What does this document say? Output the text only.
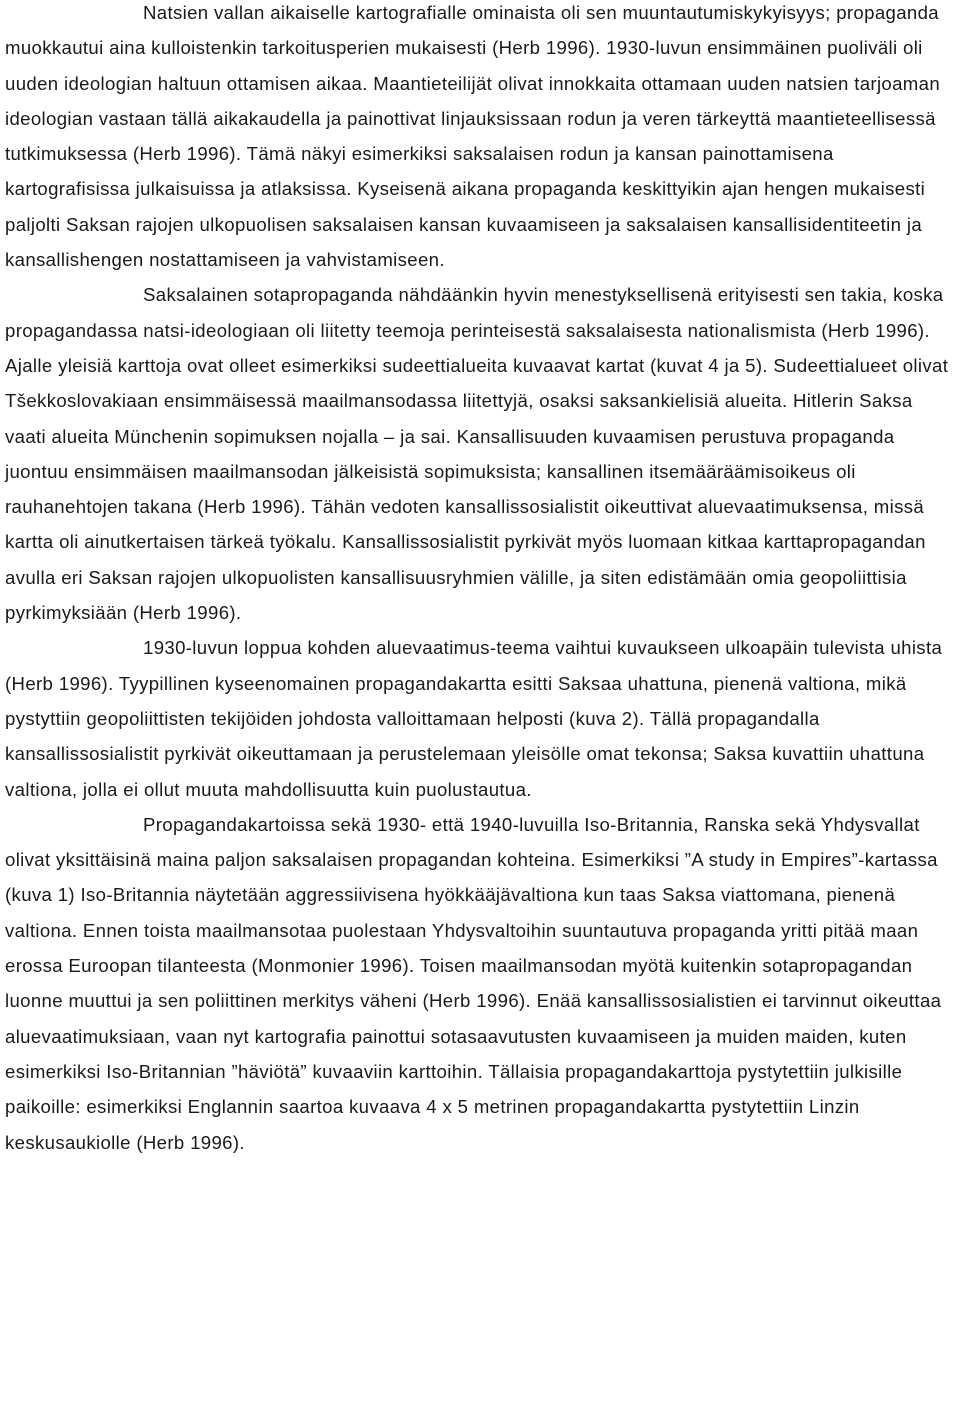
Natsien vallan aikaiselle kartografialle ominaista oli sen muuntautumiskykyisyys; propaganda muokkautui aina kulloistenkin tarkoitusperien mukaisesti (Herb 1996). 1930-luvun ensimmäinen puoliväli oli uuden ideologian haltuun ottamisen aikaa. Maantieteilijät olivat innokkaita ottamaan uuden natsien tarjoaman ideologian vastaan tällä aikakaudella ja painottivat linjauksissaan rodun ja veren tärkeyttä maantieteellisessä tutkimuksessa (Herb 1996). Tämä näkyi esimerkiksi saksalaisen rodun ja kansan painottamisena kartografisissa julkaisuissa ja atlaksissa. Kyseisenä aikana propaganda keskittyikin ajan hengen mukaisesti paljolti Saksan rajojen ulkopuolisen saksalaisen kansan kuvaamiseen ja saksalaisen kansallisidentiteetin ja kansallishengen nostattamiseen ja vahvistamiseen.

Saksalainen sotapropaganda nähdäänkin hyvin menestyksellisenä erityisesti sen takia, koska propagandassa natsi-ideologiaan oli liitetty teemoja perinteisestä saksalaisesta nationalismista (Herb 1996). Ajalle yleisiä karttoja ovat olleet esimerkiksi sudeettialueita kuvaavat kartat (kuvat 4 ja 5). Sudeettialueet olivat Tšekkoslovakiaan ensimmäisessä maailmansodassa liitettyjä, osaksi saksankielisiä alueita. Hitlerin Saksa vaati alueita Münchenin sopimuksen nojalla – ja sai. Kansallisuuden kuvaamisen perustuva propaganda juontuu ensimmäisen maailmansodan jälkeisistä sopimuksista; kansallinen itsemääräämisoikeus oli rauhanehtojen takana (Herb 1996). Tähän vedoten kansallissosialistit oikeuttivat aluevaatimuksensa, missä kartta oli ainutkertaisen tärkeä työkalu. Kansallissosialistit pyrkivät myös luomaan kitkaa karttapropagandan avulla eri Saksan rajojen ulkopuolisten kansallisuusryhmien välille, ja siten edistämään omia geopoliittisia pyrkimyksiään (Herb 1996).

1930-luvun loppua kohden aluevaatimus-teema vaihtui kuvaukseen ulkoapäin tulevista uhista (Herb 1996). Tyypillinen kyseenomainen propagandakartta esitti Saksaa uhattuna, pienenä valtiona, mikä pystyttiin geopoliittisten tekijöiden johdosta valloittamaan helposti (kuva 2). Tällä propagandalla kansallissosialistit pyrkivät oikeuttamaan ja perustelemaan yleisölle omat tekonsa; Saksa kuvattiin uhattuna valtiona, jolla ei ollut muuta mahdollisuutta kuin puolustautua.

Propagandakartoissa sekä 1930- että 1940-luvuilla Iso-Britannia, Ranska sekä Yhdysvallat olivat yksittäisinä maina paljon saksalaisen propagandan kohteina. Esimerkiksi ”A study in Empires”-kartassa (kuva 1) Iso-Britannia näytetään aggressiivisena hyökkääjävaltiona kun taas Saksa viattomana, pienenä valtiona. Ennen toista maailmansotaa puolestaan Yhdysvaltoihin suuntautuva propaganda yritti pitää maan erossa Euroopan tilanteesta (Monmonier 1996). Toisen maailmansodan myötä kuitenkin sotapropagandan luonne muuttui ja sen poliittinen merkitys väheni (Herb 1996). Enää kansallissosialistien ei tarvinnut oikeuttaa aluevaatimuksiaan, vaan nyt kartografia painottui sotasaavutusten kuvaamiseen ja muiden maiden, kuten esimerkiksi Iso-Britannian ”häviötä” kuvaaviin karttoihin. Tällaisia propagandakarttoja pystytettiin julkisille paikoille: esimerkiksi Englannin saartoa kuvaava 4 x 5 metrinen propagandakartta pystytettiin Linzin keskusaukiolle (Herb 1996).
